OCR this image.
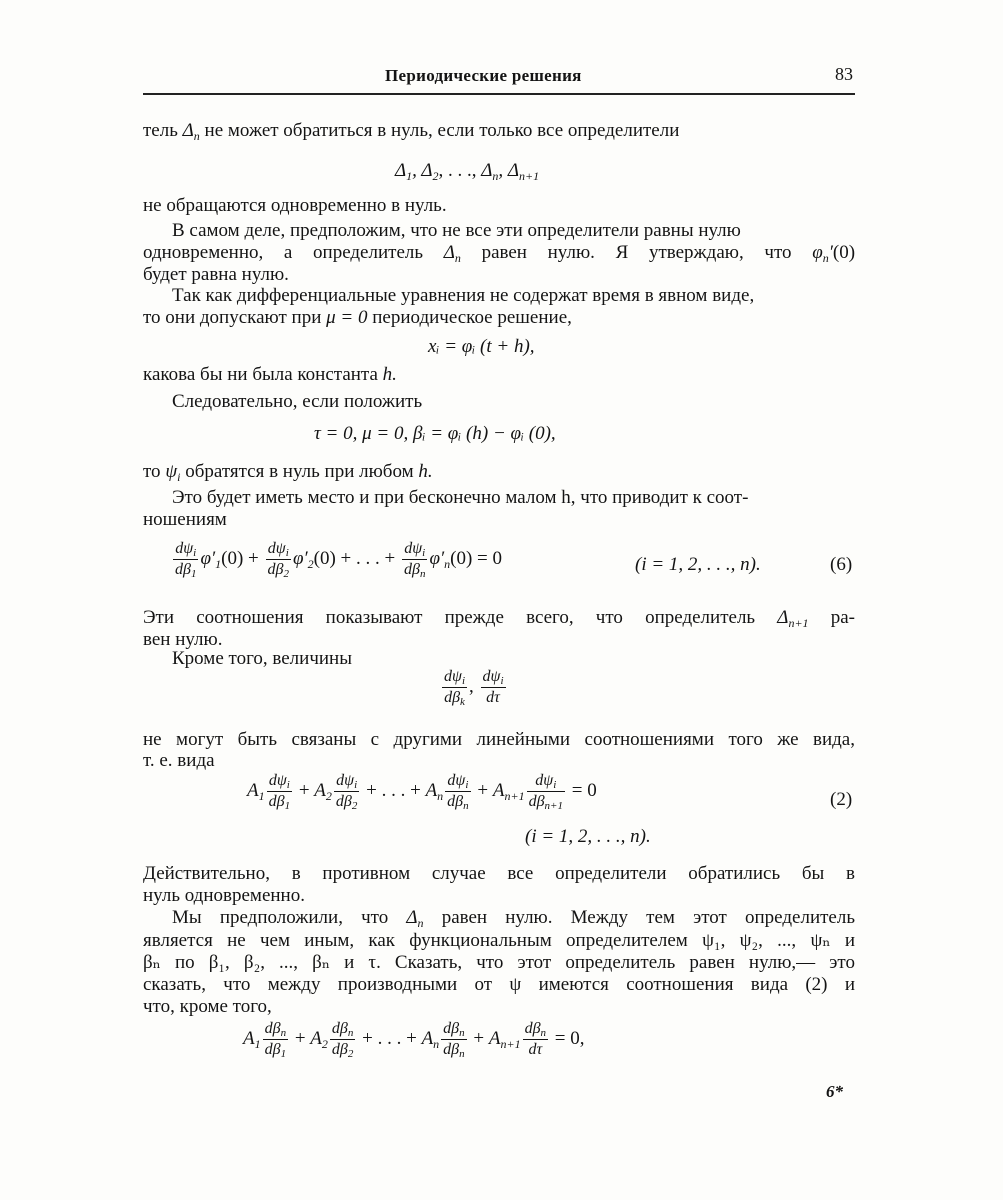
Периодические решения	83
тель $\Delta_n$ не может обратиться в нуль, если только все определители
$\Delta_1$, $\Delta_2$, . . ., $\Delta_n$, $\Delta_{n+1}$
не обращаются одновременно в нуль.
В самом деле, предположим, что не все эти определители равны нулю
одновременно, а определитель $\Delta_n$ равен нулю. Я утверждаю, что $\varphi_n'(0)$
будет равна нулю.
Так как дифференциальные уравнения не содержат время в явном виде,
то они допускают при μ = 0 периодическое решение,
xᵢ = φᵢ (t + h),
какова бы ни была константа h.
Следовательно, если положить
τ = 0, μ = 0, βᵢ = φᵢ (h) − φᵢ (0),
то $\psi_i$ обратятся в нуль при любом h.
Это будет иметь место и при бесконечно малом h, что приводит к соот-
ношениям
$\frac{d\psi_i}{d\beta_1} \varphi'_1(0) + \frac{d\psi_i}{d\beta_2} \varphi'_2(0)$ + . . . + $\frac{d\psi_i}{d\beta_n} \varphi'_n(0) = 0$	(i = 1, 2, . . ., n).	(6)
Эти соотношения показывают прежде всего, что определитель $\Delta_{n+1}$ ра-
вен нулю.
Кроме того, величины
$\frac{d\psi_i}{d\beta_k}$ , $\frac{d\psi_i}{d\tau}$
не могут быть связаны с другими линейными соотношениями того же вида,
т. е. вида
$A_1 \frac{d\psi_i}{d\beta_1} + A_2 \frac{d\psi_i}{d\beta_2}$ + . . . + $A_n \frac{d\psi_i}{d\beta_n} + A_{n+1} \frac{d\psi_i}{d\beta_{n+1}} = 0$	(2)
(i = 1, 2, . . ., n).
Действительно, в противном случае все определители обратились бы в
нуль одновременно.
Мы предположили, что $\Delta_n$ равен нулю. Между тем этот определитель
является не чем иным, как функциональным определителем ψ₁, ψ₂, ..., ψₙ и
βₙ по β₁, β₂, ..., βₙ и τ. Сказать, что этот определитель равен нулю,— это
сказать, что между производными от ψ имеются соотношения вида (2) и
что, кроме того,
$A_1 \frac{d\beta_n}{d\beta_1} + A_2 \frac{d\beta_n}{d\beta_2}$ + . . . + $A_n \frac{d\beta_n}{d\beta_n} + A_{n+1} \frac{d\beta_n}{d\tau} = 0$,
6*
